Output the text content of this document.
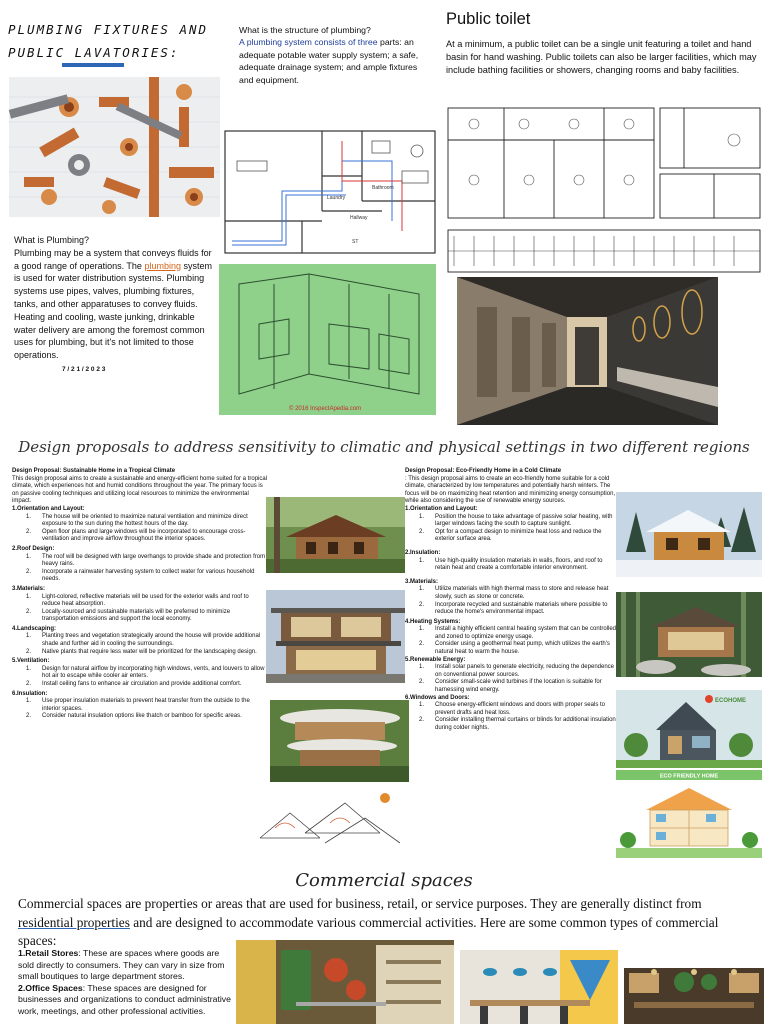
PLUMBING FIXTURES AND
PUBLIC LAVATORIES:
What is Plumbing?
Plumbing may be a system that conveys fluids for a good range of operations. The plumbing system is used for water distribution systems. Plumbing systems use pipes, valves, plumbing fixtures, tanks, and other apparatuses to convey fluids. Heating and cooling, waste junking, drinkable water delivery are among the foremost common uses for plumbing, but it's not limited to those operations.
7 / 2 1 / 2 0 2 3
What is the structure of plumbing?
A plumbing system consists of three parts: an adequate potable water supply system; a safe, adequate drainage system; and ample fixtures and equipment.
Bathroom
Hallway
ST
Laundry
© 2016 InspectApedia.com
Public toilet
At a minimum, a public toilet can be a single unit featuring a toilet and hand basin for hand washing. Public toilets can also be larger facilities, which may include bathing facilities or showers, changing rooms and baby facilities.
Design proposals to address sensitivity to climatic and physical settings in two different regions
Design Proposal: Sustainable Home in a Tropical Climate
This design proposal aims to create a sustainable and energy-efficient home suited for a tropical climate, which experiences hot and humid conditions throughout the year. The primary focus is on passive cooling techniques and utilizing local resources to minimize the environmental impact.
1.Orientation and Layout:
1. The house will be oriented to maximize natural ventilation and minimize direct exposure to the sun during the hottest hours of the day.
2. Open floor plans and large windows will be incorporated to encourage cross-ventilation and improve airflow throughout the interior spaces.
2.Roof Design:
1. The roof will be designed with large overhangs to provide shade and protection from heavy rains.
2. Incorporate a rainwater harvesting system to collect water for various household needs.
3.Materials:
1. Light-colored, reflective materials will be used for the exterior walls and roof to reduce heat absorption.
2. Locally-sourced and sustainable materials will be preferred to minimize transportation emissions and support the local economy.
4.Landscaping:
1. Planting trees and vegetation strategically around the house will provide additional shade and further aid in cooling the surroundings.
2. Native plants that require less water will be prioritized for the landscaping design.
5.Ventilation:
1. Design for natural airflow by incorporating high windows, vents, and louvers to allow hot air to escape while cooler air enters.
2. Install ceiling fans to enhance air circulation and provide additional comfort.
6.Insulation:
1. Use proper insulation materials to prevent heat transfer from the outside to the interior spaces.
2. Consider natural insulation options like thatch or bamboo for specific areas.
Design Proposal: Eco-Friendly Home in a Cold Climate
: This design proposal aims to create an eco-friendly home suitable for a cold climate, characterized by low temperatures and potentially harsh winters. The focus will be on maximizing heat retention and minimizing energy consumption, while also considering the use of renewable energy sources.
1.Orientation and Layout:
1. Position the house to take advantage of passive solar heating, with larger windows facing the south to capture sunlight.
2. Opt for a compact design to minimize heat loss and reduce the exterior surface area.
2.Insulation:
1. Use high-quality insulation materials in walls, floors, and roof to retain heat and create a comfortable interior environment.
3.Materials:
1. Utilize materials with high thermal mass to store and release heat slowly, such as stone or concrete.
2. Incorporate recycled and sustainable materials where possible to reduce the home's environmental impact.
4.Heating Systems:
1. Install a highly efficient central heating system that can be controlled and zoned to optimize energy usage.
2. Consider using a geothermal heat pump, which utilizes the earth's natural heat to warm the house.
5.Renewable Energy:
1. Install solar panels to generate electricity, reducing the dependence on conventional power sources.
2. Consider small-scale wind turbines if the location is suitable for harnessing wind energy.
6.Windows and Doors:
1. Choose energy-efficient windows and doors with proper seals to prevent drafts and heat loss.
2. Consider installing thermal curtains or blinds for additional insulation during colder nights.
ECOHOME
ECO FRIENDLY HOME
Commercial spaces
Commercial spaces are properties or areas that are used for business, retail, or service purposes. They are generally distinct from residential properties and are designed to accommodate various commercial activities. Here are some common types of commercial spaces:
1.Retail Stores: These are spaces where goods are sold directly to consumers. They can vary in size from small boutiques to large department stores.
2.Office Spaces: These spaces are designed for businesses and organizations to conduct administrative work, meetings, and other professional activities.
